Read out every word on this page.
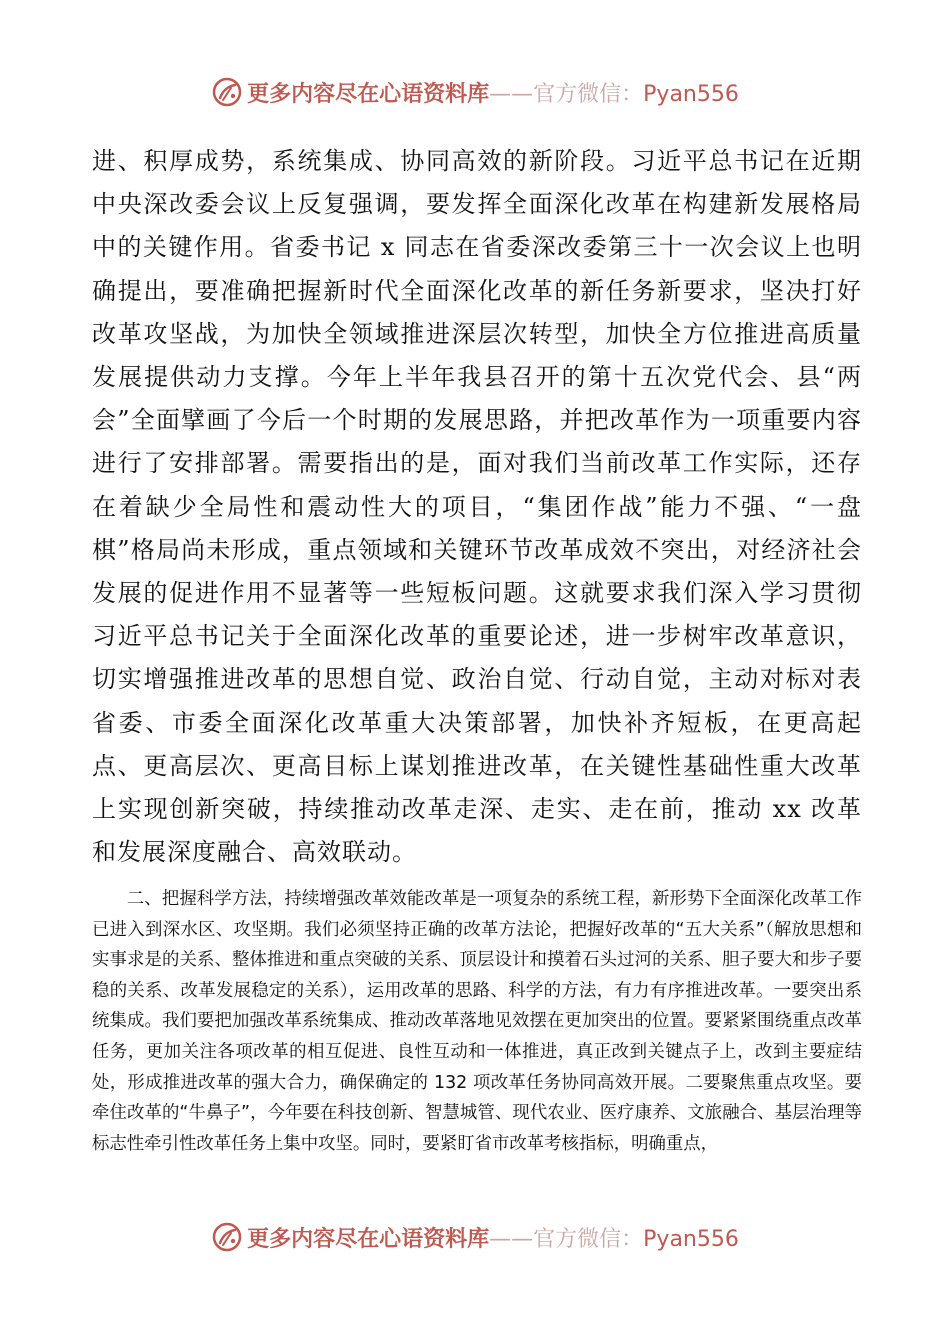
更多内容尽在心语资料库——官方微信：Pyan556

进、积厚成势，系统集成、协同高效的新阶段。习近平总书记在近期中央深改委会议上反复强调，要发挥全面深化改革在构建新发展格局中的关键作用。省委书记 x 同志在省委深改委第三十一次会议上也明确提出，要准确把握新时代全面深化改革的新任务新要求，坚决打好改革攻坚战，为加快全领域推进深层次转型，加快全方位推进高质量发展提供动力支撑。今年上半年我县召开的第十五次党代会、县“两会”全面擘画了今后一个时期的发展思路，并把改革作为一项重要内容进行了安排部署。需要指出的是，面对我们当前改革工作实际，还存在着缺少全局性和震动性大的项目，“集团作战”能力不强、“一盘棋”格局尚未形成，重点领域和关键环节改革成效不突出，对经济社会发展的促进作用不显著等一些短板问题。这就要求我们深入学习贯彻习近平总书记关于全面深化改革的重要论述，进一步树牢改革意识，切实增强推进改革的思想自觉、政治自觉、行动自觉，主动对标对表省委、市委全面深化改革重大决策部署，加快补齐短板，在更高起点、更高层次、更高目标上谋划推进改革，在关键性基础性重大改革上实现创新突破，持续推动改革走深、走实、走在前，推动 xx 改革和发展深度融合、高效联动。

二、把握科学方法，持续增强改革效能改革是一项复杂的系统工程，新形势下全面深化改革工作已进入到深水区、攻坚期。我们必须坚持正确的改革方法论，把握好改革的“五大关系”（解放思想和实事求是的关系、整体推进和重点突破的关系、顶层设计和摸着石头过河的关系、胆子要大和步子要稳的关系、改革发展稳定的关系），运用改革的思路、科学的方法，有力有序推进改革。一要突出系统集成。我们要把加强改革系统集成、推动改革落地见效摆在更加突出的位置。要紧紧围绕重点改革任务，更加关注各项改革的相互促进、良性互动和一体推进，真正改到关键点子上，改到主要症结处，形成推进改革的强大合力，确保确定的 132 项改革任务协同高效开展。二要聚焦重点攻坚。要牵住改革的“牛鼻子”，今年要在科技创新、智慧城管、现代农业、医疗康养、文旅融合、基层治理等标志性牵引性改革任务上集中攻坚。同时，要紧盯省市改革考核指标，明确重点，

更多内容尽在心语资料库——官方微信：Pyan556
